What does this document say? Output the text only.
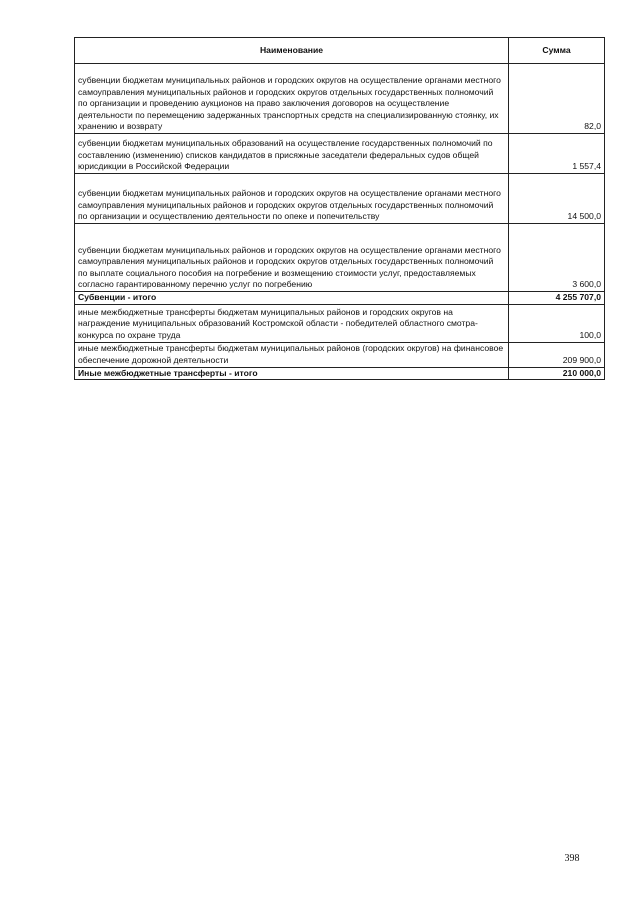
Наименование	Сумма
субвенции бюджетам муниципальных районов и городских округов на осуществление органами местного самоуправления муниципальных районов и городских округов отдельных государственных полномочий по организации и проведению аукционов на право заключения договоров на осуществление деятельности по перемещению задержанных транспортных средств на специализированную стоянку, их хранению и возврату	82,0
субвенции бюджетам муниципальных образований на осуществление государственных полномочий по составлению (изменению) списков кандидатов в присяжные заседатели федеральных судов общей юрисдикции в Российской Федерации	1 557,4
субвенции бюджетам муниципальных районов и городских округов на осуществление органами местного самоуправления муниципальных районов и городских округов отдельных государственных полномочий по организации и осуществлению деятельности по опеке и попечительству	14 500,0
субвенции бюджетам муниципальных районов и городских округов на осуществление органами местного самоуправления муниципальных районов и городских округов отдельных государственных полномочий по выплате социального пособия на погребение и возмещению стоимости услуг, предоставляемых согласно гарантированному перечню услуг по погребению	3 600,0
Субвенции - итого	4 255 707,0
иные межбюджетные трансферты бюджетам муниципальных районов и городских округов на награждение муниципальных образований Костромской области - победителей областного смотра-конкурса по охране труда	100,0
иные межбюджетные трансферты бюджетам муниципальных районов (городских округов) на финансовое обеспечение дорожной деятельности	209 900,0
Иные межбюджетные трансферты - итого	210 000,0
398
